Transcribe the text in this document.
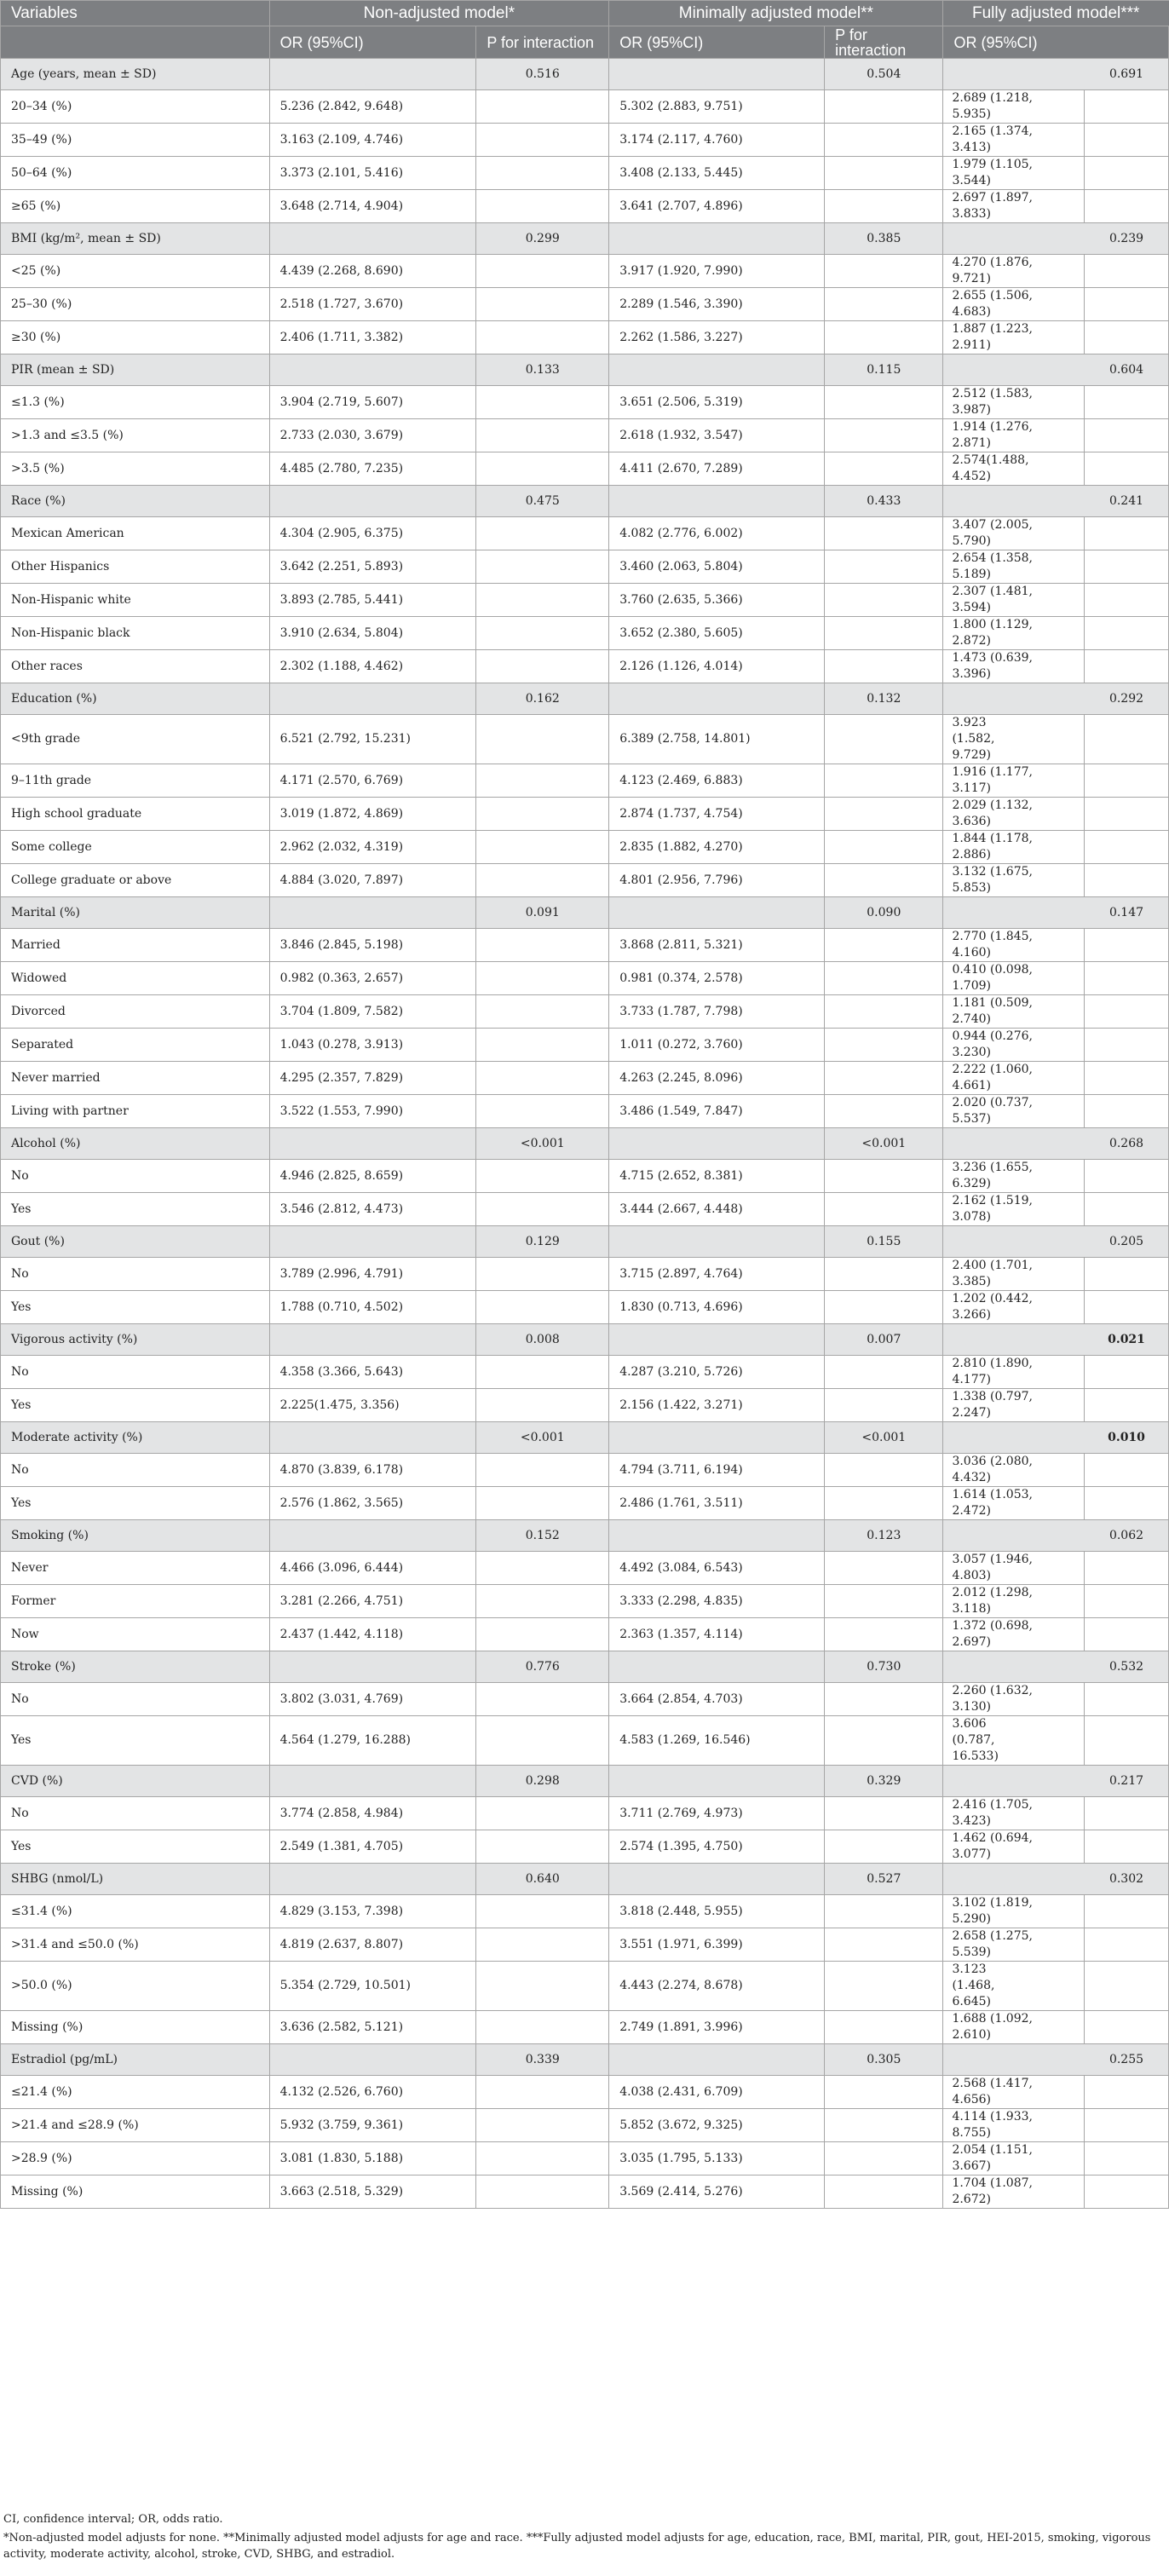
Variables	Non-adjusted model*		Minimally adjusted model**		Fully adjusted model***
	OR (95%CI)	P for interaction	OR (95%CI)	P for interaction	OR (95%CI)
Age (years, mean ± SD)		0.516		0.504	0.691

20–34 (%)	5.236 (2.842, 9.648)		5.302 (2.883, 9.751)		2.689 (1.218, 5.935)

35–49 (%)	3.163 (2.109, 4.746)		3.174 (2.117, 4.760)		2.165 (1.374, 3.413)

50–64 (%)	3.373 (2.101, 5.416)		3.408 (2.133, 5.445)		1.979 (1.105, 3.544)

≥65 (%)	3.648 (2.714, 4.904)		3.641 (2.707, 4.896)		2.697 (1.897, 3.833)

BMI (kg/m², mean ± SD)		0.299		0.385	0.239

<25 (%)	4.439 (2.268, 8.690)		3.917 (1.920, 7.990)		4.270 (1.876, 9.721)

25–30 (%)	2.518 (1.727, 3.670)		2.289 (1.546, 3.390)		2.655 (1.506, 4.683)

≥30 (%)	2.406 (1.711, 3.382)		2.262 (1.586, 3.227)		1.887 (1.223, 2.911)

PIR (mean ± SD)		0.133		0.115	0.604

≤1.3 (%)	3.904 (2.719, 5.607)		3.651 (2.506, 5.319)		2.512 (1.583, 3.987)

>1.3 and ≤3.5 (%)	2.733 (2.030, 3.679)		2.618 (1.932, 3.547)		1.914 (1.276, 2.871)

>3.5 (%)	4.485 (2.780, 7.235)		4.411 (2.670, 7.289)		2.574(1.488, 4.452)

Race (%)		0.475		0.433	0.241

Mexican American	4.304 (2.905, 6.375)		4.082 (2.776, 6.002)		3.407 (2.005, 5.790)

Other Hispanics	3.642 (2.251, 5.893)		3.460 (2.063, 5.804)		2.654 (1.358, 5.189)

Non-Hispanic white	3.893 (2.785, 5.441)		3.760 (2.635, 5.366)		2.307 (1.481, 3.594)

Non-Hispanic black	3.910 (2.634, 5.804)		3.652 (2.380, 5.605)		1.800 (1.129, 2.872)

Other races	2.302 (1.188, 4.462)		2.126 (1.126, 4.014)		1.473 (0.639, 3.396)

Education (%)		0.162		0.132	0.292

<9th grade	6.521 (2.792, 15.231)		6.389 (2.758, 14.801)		3.923 (1.582, 9.729)

9–11th grade	4.171 (2.570, 6.769)		4.123 (2.469, 6.883)		1.916 (1.177, 3.117)

High school graduate	3.019 (1.872, 4.869)		2.874 (1.737, 4.754)		2.029 (1.132, 3.636)

Some college	2.962 (2.032, 4.319)		2.835 (1.882, 4.270)		1.844 (1.178, 2.886)

College graduate or above	4.884 (3.020, 7.897)		4.801 (2.956, 7.796)		3.132 (1.675, 5.853)

Marital (%)		0.091		0.090	0.147

Married	3.846 (2.845, 5.198)		3.868 (2.811, 5.321)		2.770 (1.845, 4.160)

Widowed	0.982 (0.363, 2.657)		0.981 (0.374, 2.578)		0.410 (0.098, 1.709)

Divorced	3.704 (1.809, 7.582)		3.733 (1.787, 7.798)		1.181 (0.509, 2.740)

Separated	1.043 (0.278, 3.913)		1.011 (0.272, 3.760)		0.944 (0.276, 3.230)

Never married	4.295 (2.357, 7.829)		4.263 (2.245, 8.096)		2.222 (1.060, 4.661)

Living with partner	3.522 (1.553, 7.990)		3.486 (1.549, 7.847)		2.020 (0.737, 5.537)

Alcohol (%)		<0.001		<0.001	0.268

No	4.946 (2.825, 8.659)		4.715 (2.652, 8.381)		3.236 (1.655, 6.329)

Yes	3.546 (2.812, 4.473)		3.444 (2.667, 4.448)		2.162 (1.519, 3.078)

Gout (%)		0.129		0.155	0.205

No	3.789 (2.996, 4.791)		3.715 (2.897, 4.764)		2.400 (1.701, 3.385)

Yes	1.788 (0.710, 4.502)		1.830 (0.713, 4.696)		1.202 (0.442, 3.266)

Vigorous activity (%)		0.008		0.007	0.021

No	4.358 (3.366, 5.643)		4.287 (3.210, 5.726)		2.810 (1.890, 4.177)

Yes	2.225(1.475, 3.356)		2.156 (1.422, 3.271)		1.338 (0.797, 2.247)

Moderate activity (%)		<0.001		<0.001	0.010

No	4.870 (3.839, 6.178)		4.794 (3.711, 6.194)		3.036 (2.080, 4.432)

Yes	2.576 (1.862, 3.565)		2.486 (1.761, 3.511)		1.614 (1.053, 2.472)

Smoking (%)		0.152		0.123	0.062

Never	4.466 (3.096, 6.444)		4.492 (3.084, 6.543)		3.057 (1.946, 4.803)

Former	3.281 (2.266, 4.751)		3.333 (2.298, 4.835)		2.012 (1.298, 3.118)

Now	2.437 (1.442, 4.118)		2.363 (1.357, 4.114)		1.372 (0.698, 2.697)

Stroke (%)		0.776		0.730	0.532

No	3.802 (3.031, 4.769)		3.664 (2.854, 4.703)		2.260 (1.632, 3.130)

Yes	4.564 (1.279, 16.288)		4.583 (1.269, 16.546)		3.606 (0.787, 16.533)

CVD (%)		0.298		0.329	0.217

No	3.774 (2.858, 4.984)		3.711 (2.769, 4.973)		2.416 (1.705, 3.423)

Yes	2.549 (1.381, 4.705)		2.574 (1.395, 4.750)		1.462 (0.694, 3.077)

SHBG (nmol/L)		0.640		0.527	0.302

≤31.4 (%)	4.829 (3.153, 7.398)		3.818 (2.448, 5.955)		3.102 (1.819, 5.290)

>31.4 and ≤50.0 (%)	4.819 (2.637, 8.807)		3.551 (1.971, 6.399)		2.658 (1.275, 5.539)

>50.0 (%)	5.354 (2.729, 10.501)		4.443 (2.274, 8.678)		3.123 (1.468, 6.645)

Missing (%)	3.636 (2.582, 5.121)		2.749 (1.891, 3.996)		1.688 (1.092, 2.610)

Estradiol (pg/mL)		0.339		0.305	0.255

≤21.4 (%)	4.132 (2.526, 6.760)		4.038 (2.431, 6.709)		2.568 (1.417, 4.656)

>21.4 and ≤28.9 (%)	5.932 (3.759, 9.361)		5.852 (3.672, 9.325)		4.114 (1.933, 8.755)

>28.9 (%)	3.081 (1.830, 5.188)		3.035 (1.795, 5.133)		2.054 (1.151, 3.667)

Missing (%)	3.663 (2.518, 5.329)		3.569 (2.414, 5.276)		1.704 (1.087, 2.672)
CI, confidence interval; OR, odds ratio.
*Non-adjusted model adjusts for none. **Minimally adjusted model adjusts for age and race. ***Fully adjusted model adjusts for age, education, race, BMI, marital, PIR, gout, HEI-2015, smoking, vigorous activity, moderate activity, alcohol, stroke, CVD, SHBG, and estradiol.
